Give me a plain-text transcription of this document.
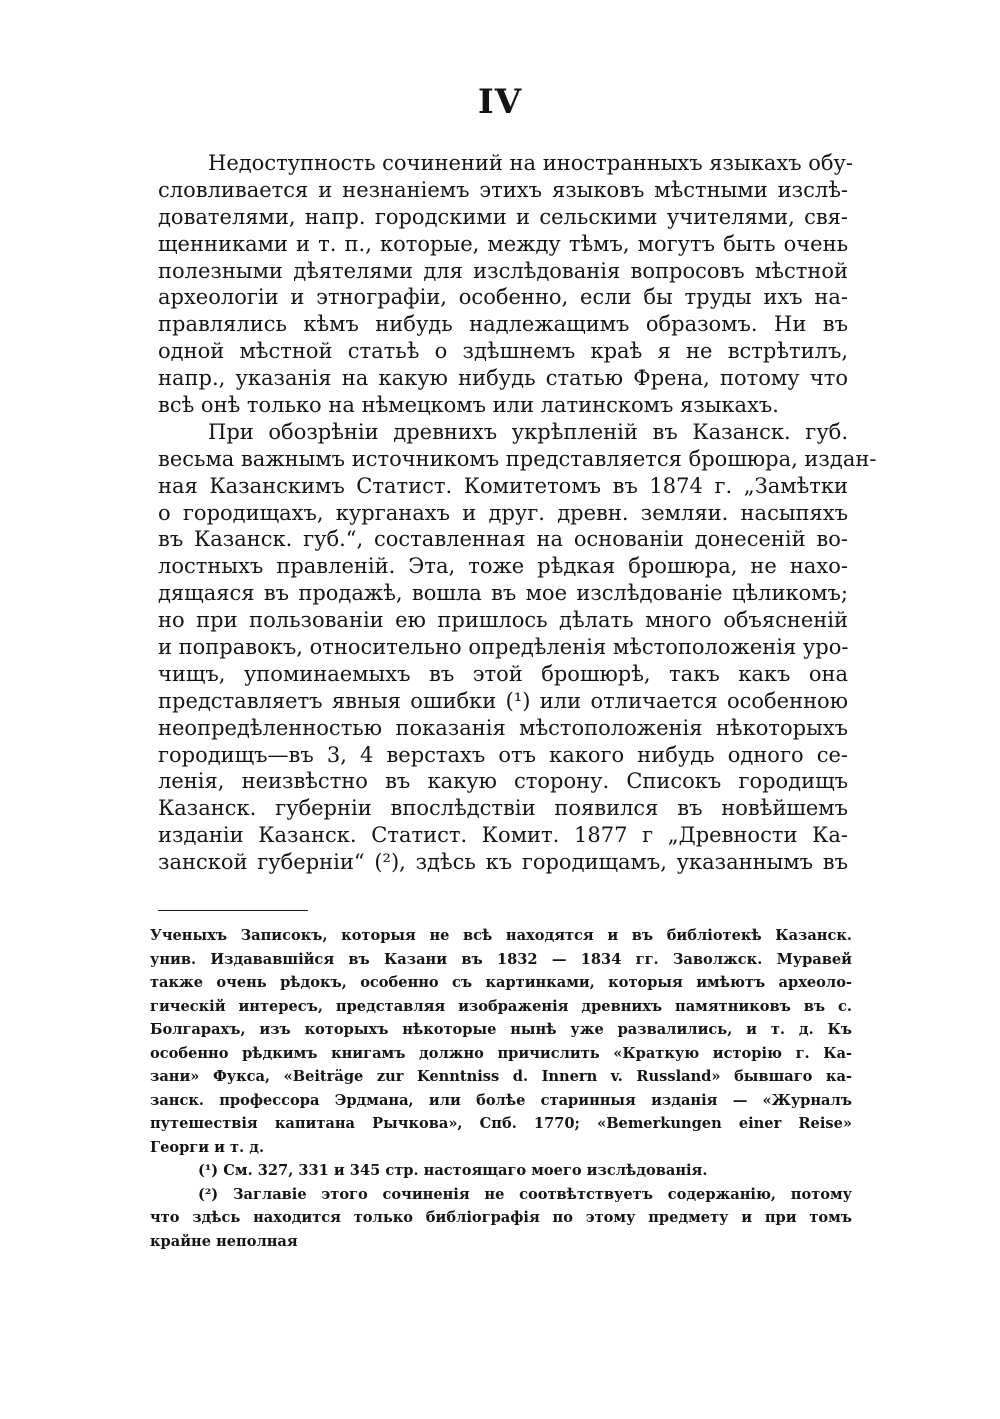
IV
Недоступность сочинений на иностранныхъ языкахъ обу-
словливается и незнаніемъ этихъ языковъ мѣстными изслѣ-
дователями, напр. городскими и сельскими учителями, свя-
щенниками и т. п., которые, между тѣмъ, могутъ быть очень
полезными дѣятелями для изслѣдованія вопросовъ мѣстной
археологіи и этнографіи, особенно, если бы труды ихъ на-
правлялись кѣмъ нибудь надлежащимъ образомъ. Ни въ
одной мѣстной статьѣ о здѣшнемъ краѣ я не встрѣтилъ,
напр., указанія на какую нибудь статью Френа, потому что
всѣ онѣ только на нѣмецкомъ или латинскомъ языкахъ.
При обозрѣніи древнихъ укрѣпленій въ Казанск. губ.
весьма важнымъ источникомъ представляется брошюра, издан-
ная Казанскимъ Статист. Комитетомъ въ 1874 г. „Замѣтки
о городищахъ, курганахъ и друг. древн. земляи. насыпяхъ
въ Казанск. губ.“, составленная на основаніи донесеній во-
лостныхъ правленій. Эта, тоже рѣдкая брошюра, не нахо-
дящаяся въ продажѣ, вошла въ мое изслѣдованіе цѣликомъ;
но при пользованіи ею пришлось дѣлать много объясненій
и поправокъ, относительно опредѣленія мѣстоположенія уро-
чищъ, упоминаемыхъ въ этой брошюрѣ, такъ какъ она
представляетъ явныя ошибки (¹) или отличается особенною
неопредѣленностью показанія мѣстоположенія нѣкоторыхъ
городищъ—въ 3, 4 верстахъ отъ какого нибудь одного се-
ленія, неизвѣстно въ какую сторону. Списокъ городищъ
Казанск. губерніи впослѣдствіи появился въ новѣйшемъ
изданіи Казанск. Статист. Комит. 1877 г „Древности Ка-
занской губерніи“ (²), здѣсь къ городищамъ, указаннымъ въ
Ученыхъ Записокъ, которыя не всѣ находятся и въ библіотекѣ Казанск.
унив. Издававшійся въ Казани въ 1832 — 1834 гг. Заволжск. Муравей
также очень рѣдокъ, особенно съ картинками, которыя имѣютъ археоло-
гическій интересъ, представляя изображенія древнихъ памятниковъ въ с.
Болгарахъ, изъ которыхъ нѣкоторые нынѣ уже развалились, и т. д. Къ
особенно рѣдкимъ книгамъ должно причислить «Краткую исторію г. Ка-
зани» Фуксa, «Beiträge zur Kenntniss d. Innern v. Russland» бывшаго ка-
занск. профессора Эрдмана, или болѣе старинныя изданія — «Журналъ
путешествія капитана Рычкова», Спб. 1770; «Bemerkungen einer Reise»
Георги и т. д.
(¹) См. 327, 331 и 345 стр. настоящаго моего изслѣдованія.
(²) Заглавіе этого сочиненія не соотвѣтствуетъ содержанію, потому
что здѣсь находится только библіографія по этому предмету и при томъ
крайне неполная
